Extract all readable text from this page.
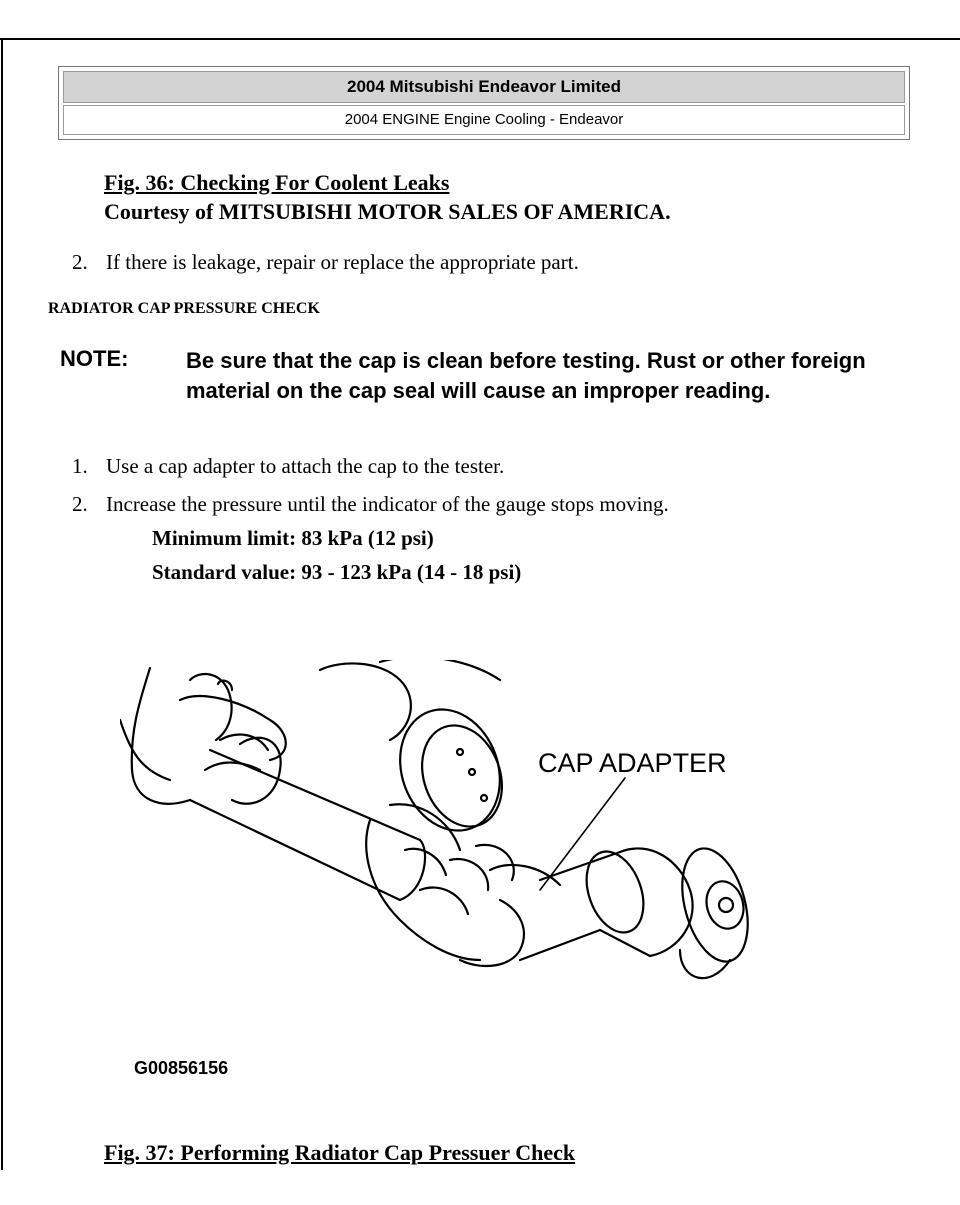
2004 Mitsubishi Endeavor Limited
2004 ENGINE Engine Cooling - Endeavor
Fig. 36: Checking For Coolent Leaks
Courtesy of MITSUBISHI MOTOR SALES OF AMERICA.
2. If there is leakage, repair or replace the appropriate part.
RADIATOR CAP PRESSURE CHECK
NOTE:	Be sure that the cap is clean before testing. Rust or other foreign material on the cap seal will cause an improper reading.
1. Use a cap adapter to attach the cap to the tester.
2. Increase the pressure until the indicator of the gauge stops moving.
Minimum limit: 83 kPa (12 psi)
Standard value: 93 - 123 kPa (14 - 18 psi)
CAP ADAPTER
G00856156
Fig. 37: Performing Radiator Cap Pressuer Check
